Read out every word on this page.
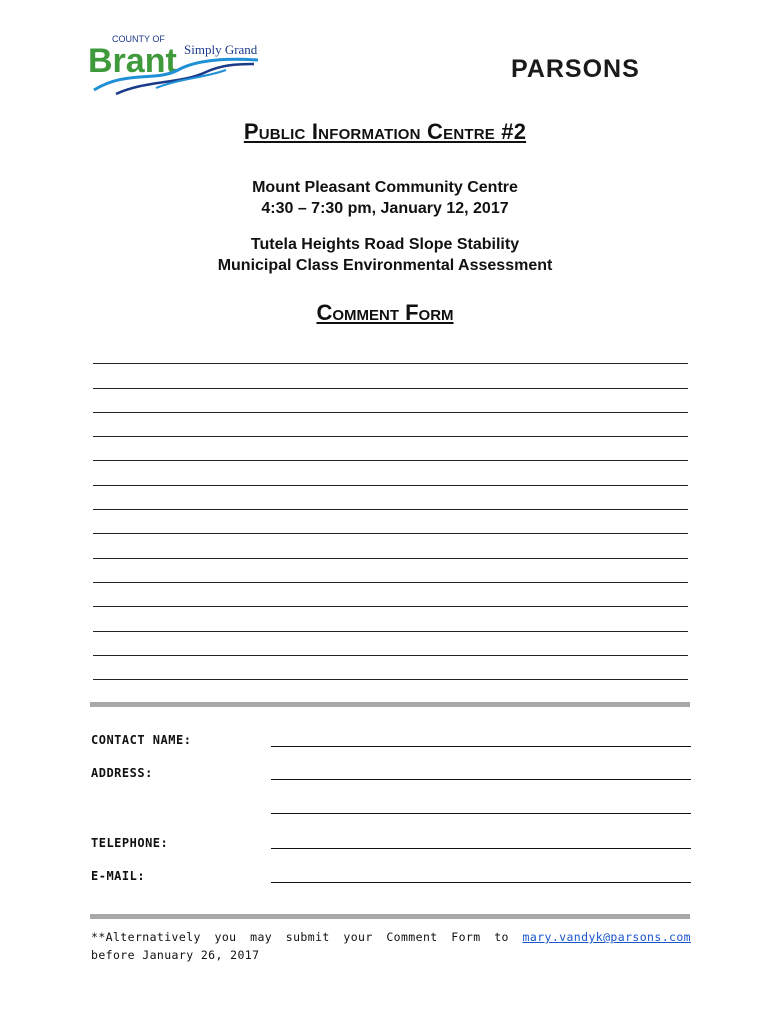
COUNTY OF
Brant Simply Grand
PARSONS
Public Information Centre #2
Mount Pleasant Community Centre
4:30 – 7:30 pm, January 12, 2017
Tutela Heights Road Slope Stability
Municipal Class Environmental Assessment
Comment Form
CONTACT NAME:
ADDRESS:
TELEPHONE:
E-MAIL:
**Alternatively you may submit your Comment Form to mary.vandyk@parsons.com before January 26, 2017
